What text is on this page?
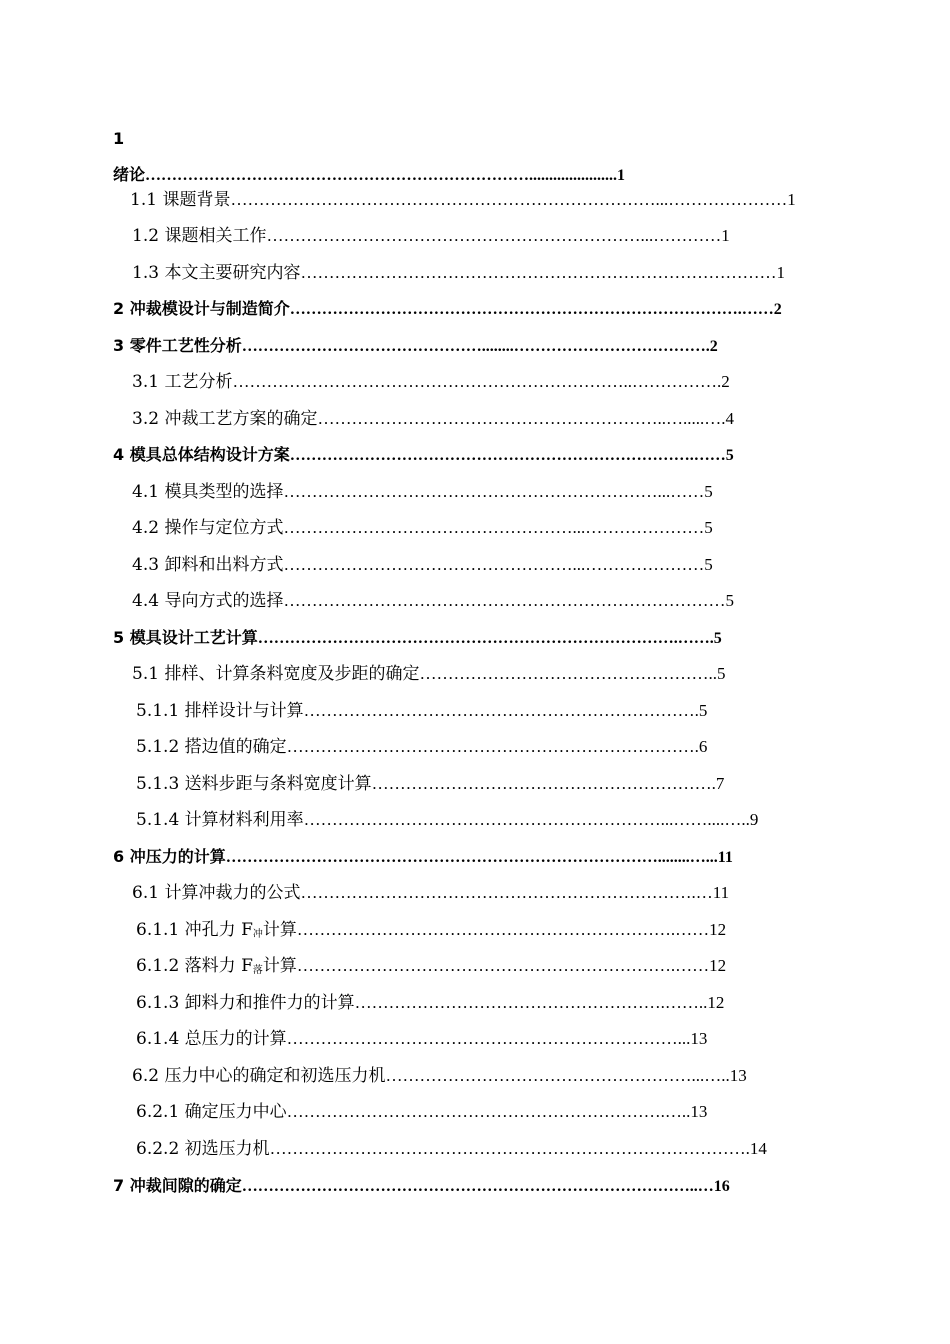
1
绪论………………………………………………………………......................1
1.1 课题背景…………………………………………………………………...…………………1
1.2 课题相关工作…………………………………………………………...…………1
1.3 本文主要研究内容…………………………………………………………………………1
2 冲裁模设计与制造简介………………………………………………………………………….……2
3 零件工艺性分析………………………………………........……………………………….2
3.1 工艺分析……………………………………………………………..…………….2
3.2 冲裁工艺方案的确定……………………………………………………..….....….4
4 模具总体结构设计方案………………………………………………………………….……5
4.1 模具类型的选择…………………………………………………………...……5
4.2 操作与定位方式……………………………………………...…………………5
4.3 卸料和出料方式……………………………………………...…………………5
4.4 导向方式的选择……………………………………………………………………5
5 模具设计工艺计算…………………………………………………………………….…….5
5.1 排样、计算条料宽度及步距的确定……………………………………………..5
5.1.1 排样设计与计算…………………………………………………………….5
5.1.2 搭边值的确定……………………………………………………………….6
5.1.3 送料步距与条料宽度计算…………………………………………………….7
5.1.4 计算材料利用率………………………………………………………...……....…..9
6 冲压力的计算………………………………………………………………………........…...11
6.1 计算冲裁力的公式…………………………………………………………….…11
6.1.1 冲孔力 $F_冲$计算………………………………………………………….……12
6.1.2 落料力 $F_落$计算………………………………………………………….……12
6.1.3 卸料力和推件力的计算……………………………………………….……..12
6.1.4 总压力的计算……………………………………………………………...13
6.2 压力中心的确定和初选压力机………………………………………………...…..13
6.2.1 确定压力中心………………………………………………………….…..13
6.2.2 初选压力机………………………………………………………………………….14
7 冲裁间隙的确定…………………………………………………………………………..…16
